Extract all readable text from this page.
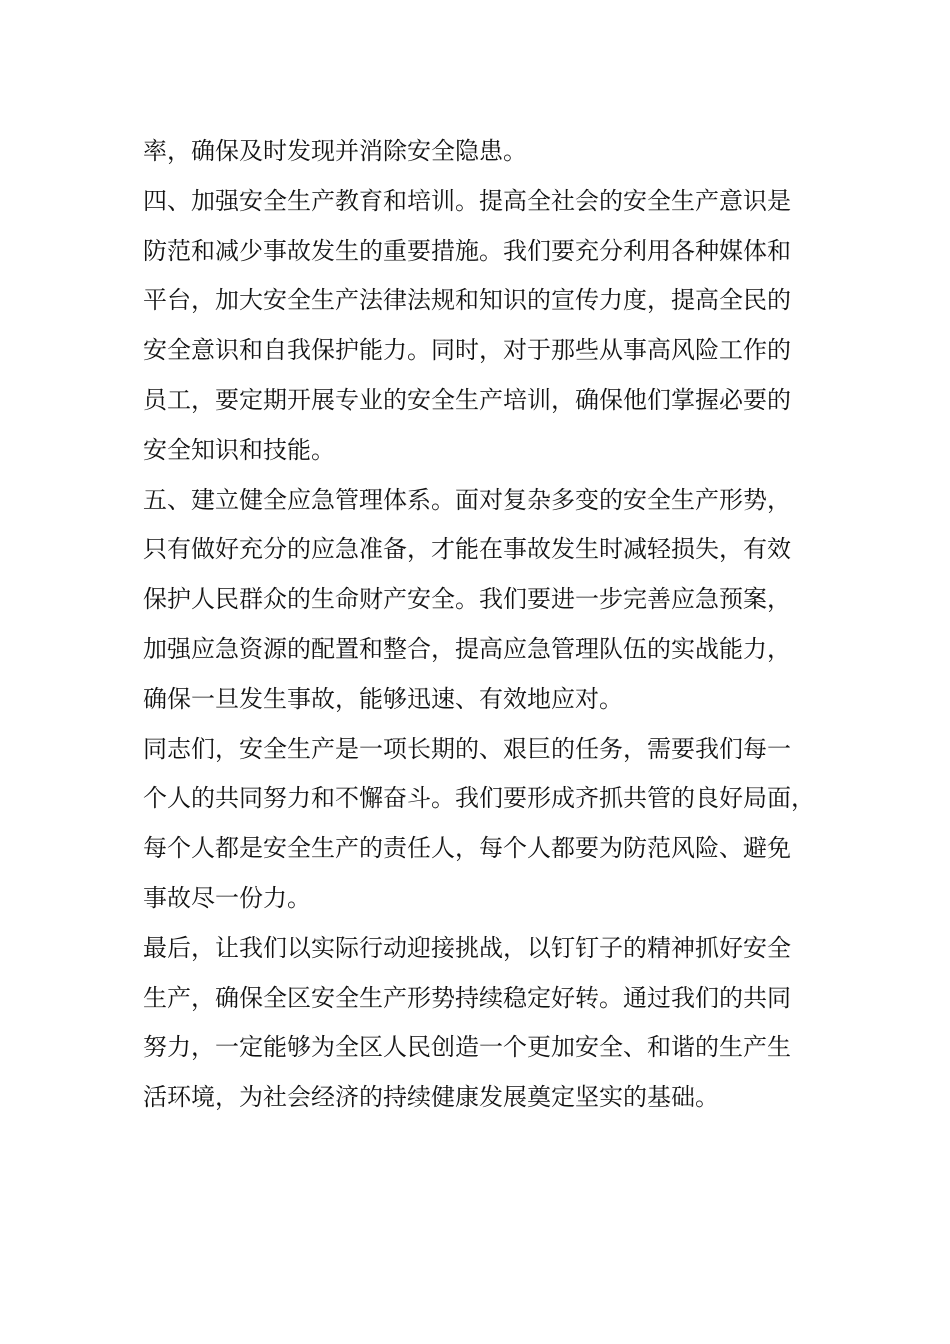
率，确保及时发现并消除安全隐患。

四、加强安全生产教育和培训。提高全社会的安全生产意识是

防范和减少事故发生的重要措施。我们要充分利用各种媒体和

平台，加大安全生产法律法规和知识的宣传力度，提高全民的

安全意识和自我保护能力。同时，对于那些从事高风险工作的

员工，要定期开展专业的安全生产培训，确保他们掌握必要的

安全知识和技能。

五、建立健全应急管理体系。面对复杂多变的安全生产形势，

只有做好充分的应急准备，才能在事故发生时减轻损失，有效

保护人民群众的生命财产安全。我们要进一步完善应急预案，

加强应急资源的配置和整合，提高应急管理队伍的实战能力，

确保一旦发生事故，能够迅速、有效地应对。

同志们，安全生产是一项长期的、艰巨的任务，需要我们每一

个人的共同努力和不懈奋斗。我们要形成齐抓共管的良好局面，

每个人都是安全生产的责任人，每个人都要为防范风险、避免

事故尽一份力。

最后，让我们以实际行动迎接挑战，以钉钉子的精神抓好安全

生产，确保全区安全生产形势持续稳定好转。通过我们的共同

努力，一定能够为全区人民创造一个更加安全、和谐的生产生

活环境，为社会经济的持续健康发展奠定坚实的基础。
